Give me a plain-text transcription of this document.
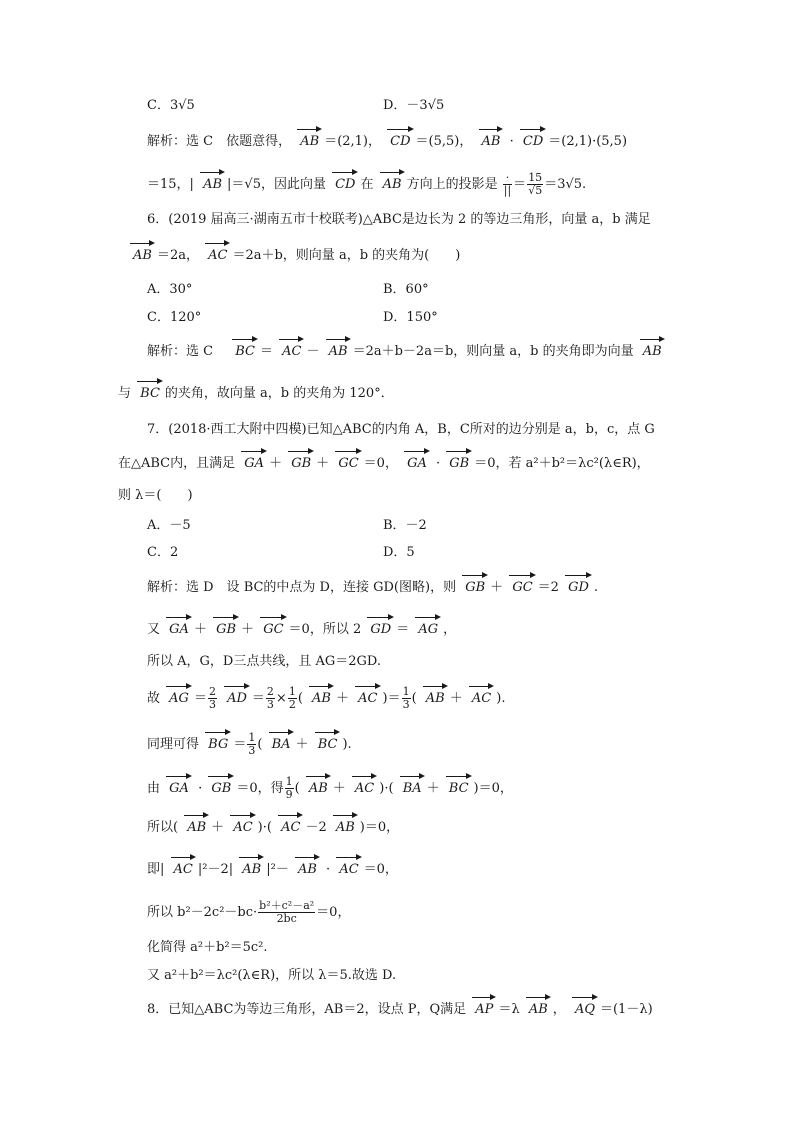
C．3√5	D．－3√5
解析：选 C　依题意得， AB ＝(2,1)， CD ＝(5,5)， AB · CD ＝(2,1)·(5,5)
＝15，| AB |＝√5，因此向量 CD 在 AB 方向上的投影是 $\frac{\cdot}{||} = \frac{15}{√5} =3√5$.
6．(2019 届高三·湖南五市十校联考)△ABC是边长为 2 的等边三角形，向量 a，b 满足
AB ＝2a， AC ＝2a＋b，则向量 a，b 的夹角为(　　)
A．30°	B．60°
C．120°	D．150°
解析：选 C　 BC ＝ AC － AB ＝2a＋b－2a＝b，则向量 a，b 的夹角即为向量 AB
与 BC 的夹角，故向量 a，b 的夹角为 120°．
7．(2018·西工大附中四模)已知△ABC的内角 A，B，C所对的边分别是 a，b，c，点 G
在△ABC内，且满足 GA ＋ GB ＋ GC ＝0， GA · GB ＝0，若 a²＋b²＝λc²(λ∈R)，
则 λ＝(　　)
A．－5	B．－2
C．2	D．5
解析：选 D　设 BC的中点为 D，连接 GD(图略)，则 GB ＋ GC ＝2 GD .
又 GA ＋ GB ＋ GC ＝0，所以 2 GD ＝ AG ，
所以 A，G，D三点共线，且 AG＝2GD.
故 AG ＝ $\frac{2}{3}$ AD ＝ $\frac{2}{3} \times \frac{1}{2}$ ( AB ＋ AC )＝ $\frac{1}{3}$ ( AB ＋ AC ).
同理可得 BG ＝ $\frac{1}{3}$ ( BA ＋ BC ).
由 GA · GB ＝0，得 $\frac{1}{9}$ ( AB ＋ AC )·( BA ＋ BC )＝0，
所以( AB ＋ AC )·( AC －2 AB )＝0，
即| AC |²－2| AB |²－ AB · AC ＝0，
所以 $b^2-2c^2-bc\cdot \frac{\text{b²＋c²－a²}}{2bc} =0$，
化简得 a²＋b²＝5c².
又 a²＋b²＝λc²(λ∈R)，所以 λ＝5.故选 D.
8．已知△ABC为等边三角形，AB＝2，设点 P，Q满足 AP ＝λ AB ， AQ ＝(1－λ)
